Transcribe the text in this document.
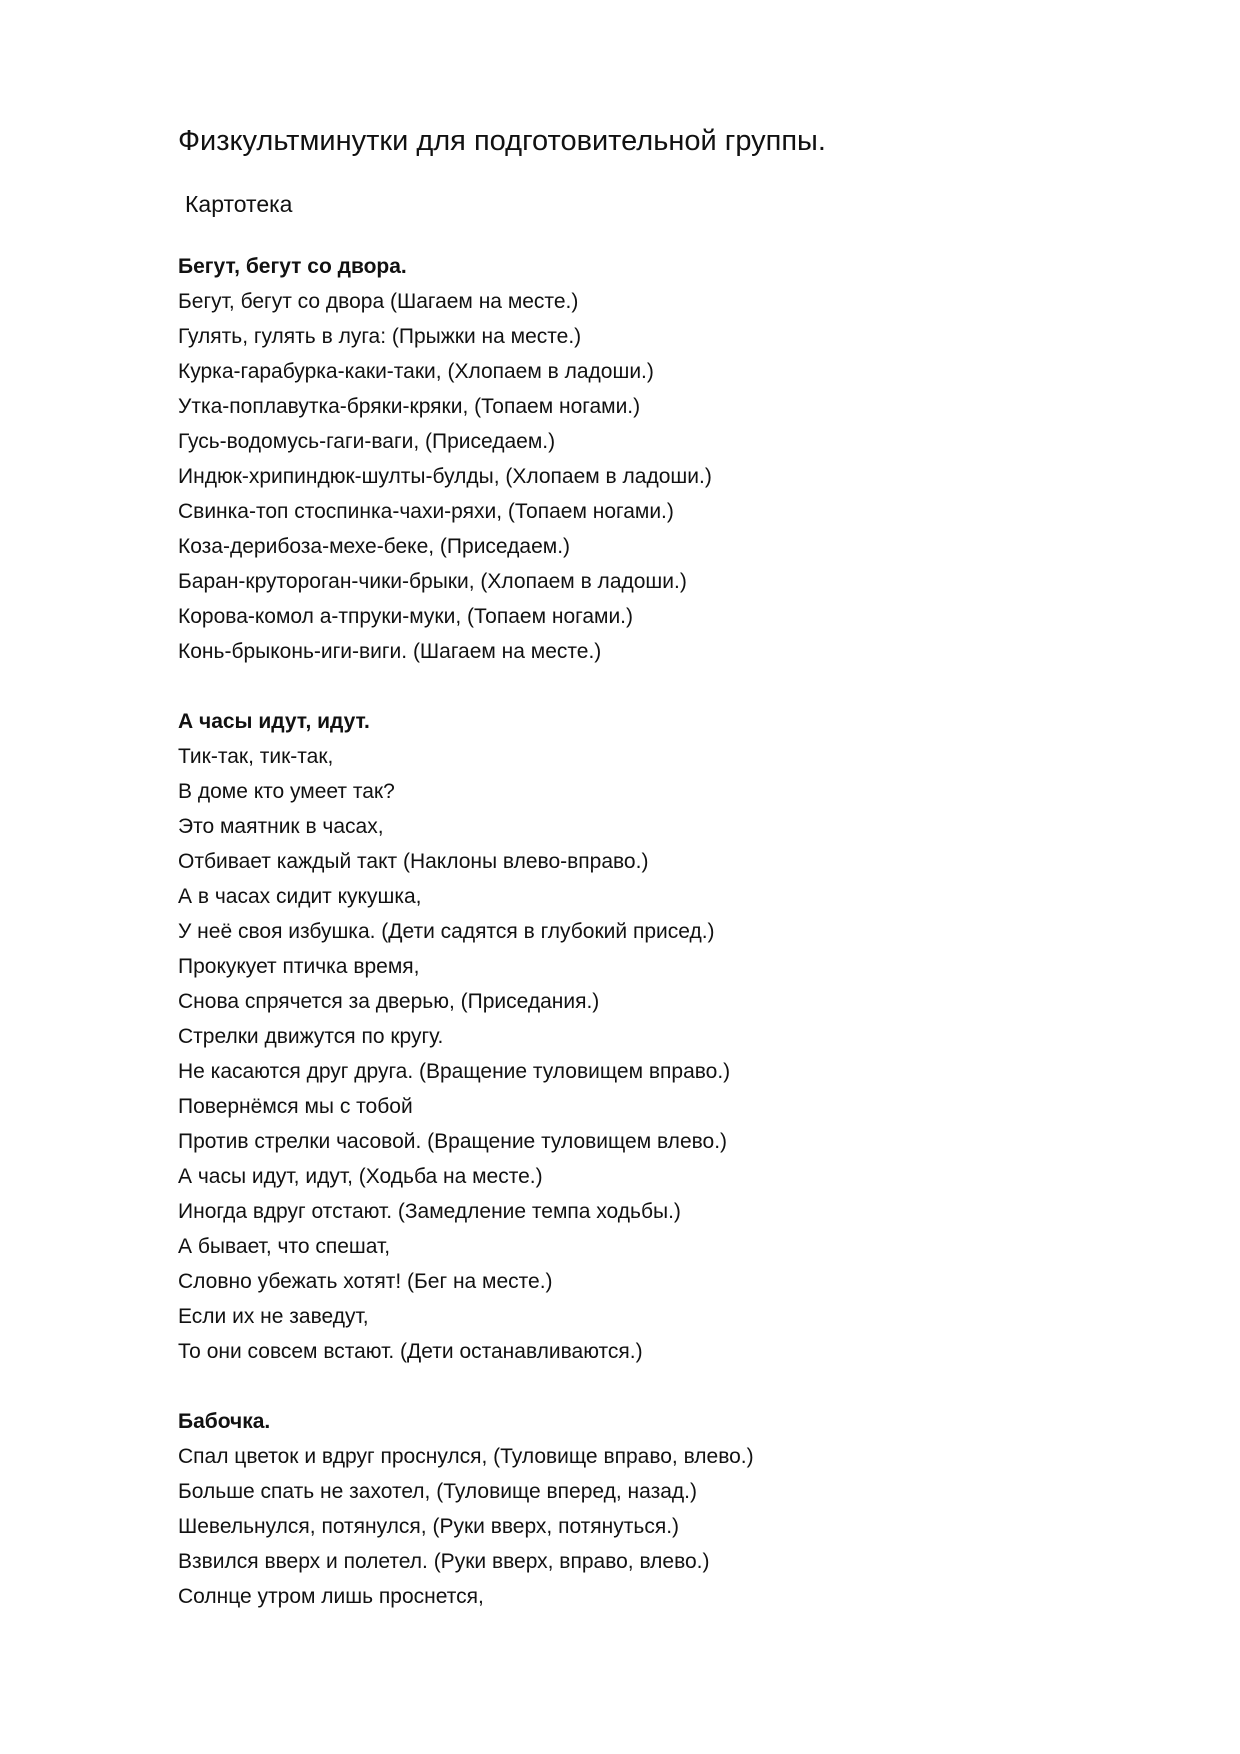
Физкультминутки для подготовительной группы.
Картотека

Бегут, бегут со двора.

Бегут, бегут со двора (Шагаем на месте.)

Гулять, гулять в луга: (Прыжки на месте.)

Курка-гарабурка-каки-таки, (Хлопаем в ладоши.)

Утка-поплавутка-бряки-кряки, (Топаем ногами.)

Гусь-водомусь-гаги-ваги, (Приседаем.)

Индюк-хрипиндюк-шулты-булды, (Хлопаем в ладоши.)

Свинка-топ стоспинка-чахи-ряхи, (Топаем ногами.)

Коза-дерибоза-мехе-беке, (Приседаем.)

Баран-крутороган-чики-брыки, (Хлопаем в ладоши.)

Корова-комол а-тпруки-муки, (Топаем ногами.)

Конь-брыконь-иги-виги. (Шагаем на месте.)

А часы идут, идут.

Тик-так, тик-так,

В доме кто умеет так?

Это маятник в часах,

Отбивает каждый такт (Наклоны влево-вправо.)

А в часах сидит кукушка,

У неё своя избушка. (Дети садятся в глубокий присед.)

Прокукует птичка время,

Снова спрячется за дверью, (Приседания.)

Стрелки движутся по кругу.

Не касаются друг друга. (Вращение туловищем вправо.)

Повернёмся мы с тобой

Против стрелки часовой. (Вращение туловищем влево.)

А часы идут, идут, (Ходьба на месте.)

Иногда вдруг отстают. (Замедление темпа ходьбы.)

А бывает, что спешат,

Словно убежать хотят! (Бег на месте.)

Если их не заведут,

То они совсем встают. (Дети останавливаются.)

Бабочка.

Спал цветок и вдруг проснулся, (Туловище вправо, влево.)

Больше спать не захотел, (Туловище вперед, назад.)

Шевельнулся, потянулся, (Руки вверх, потянуться.)

Взвился вверх и полетел. (Руки вверх, вправо, влево.)

Солнце утром лишь проснется,
